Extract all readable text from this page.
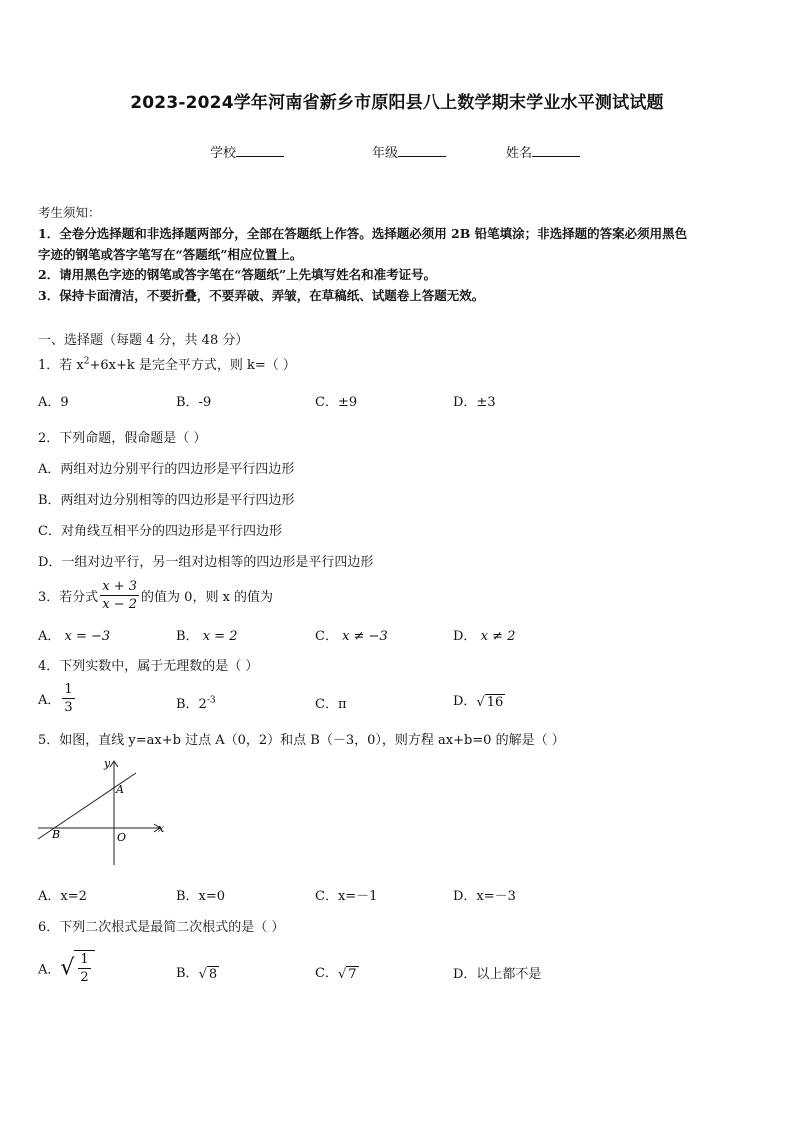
2023-2024学年河南省新乡市原阳县八上数学期末学业水平测试试题
学校	年级	姓名
考生须知：
1．全卷分选择题和非选择题两部分，全部在答题纸上作答。选择题必须用 2B 铅笔填涂；非选择题的答案必须用黑色
字迹的钢笔或答字笔写在“答题纸”相应位置上。
2．请用黑色字迹的钢笔或答字笔在“答题纸”上先填写姓名和准考证号。
3．保持卡面清洁，不要折叠，不要弄破、弄皱，在草稿纸、试题卷上答题无效。
一、选择题（每题 4 分，共 48 分）
1．若 $x^2+6x+k$ 是完全平方式，则 k=（ ）
A．9	B．-9	C．±9	D．±3
2．下列命题，假命题是（ ）
A．两组对边分别平行的四边形是平行四边形
B．两组对边分别相等的四边形是平行四边形
C．对角线互相平分的四边形是平行四边形
D．一组对边平行，另一组对边相等的四边形是平行四边形
3．若分式 $\frac{x + 3}{x - 2}$ 的值为 0，则 x 的值为
A． x = −3	B． x = 2	C． x ≠ −3	D． x ≠ 2
4．下列实数中，属于无理数的是（ ）
A． $\frac{1}{3}$	B．$2^{-3}$	C．π	D．√ 16
5．如图，直线 y=ax+b 过点 A（0，2）和点 B（－3，0），则方程 ax+b=0 的解是（ ）
y
x
A
B	O
A．x=2	B．x=0	C．x=－1	D．x=－3
6．下列二次根式是最简二次根式的是（ ）
A．√ $\frac{1}{2}$	B．√ 8	C．√ 7	D．以上都不是
